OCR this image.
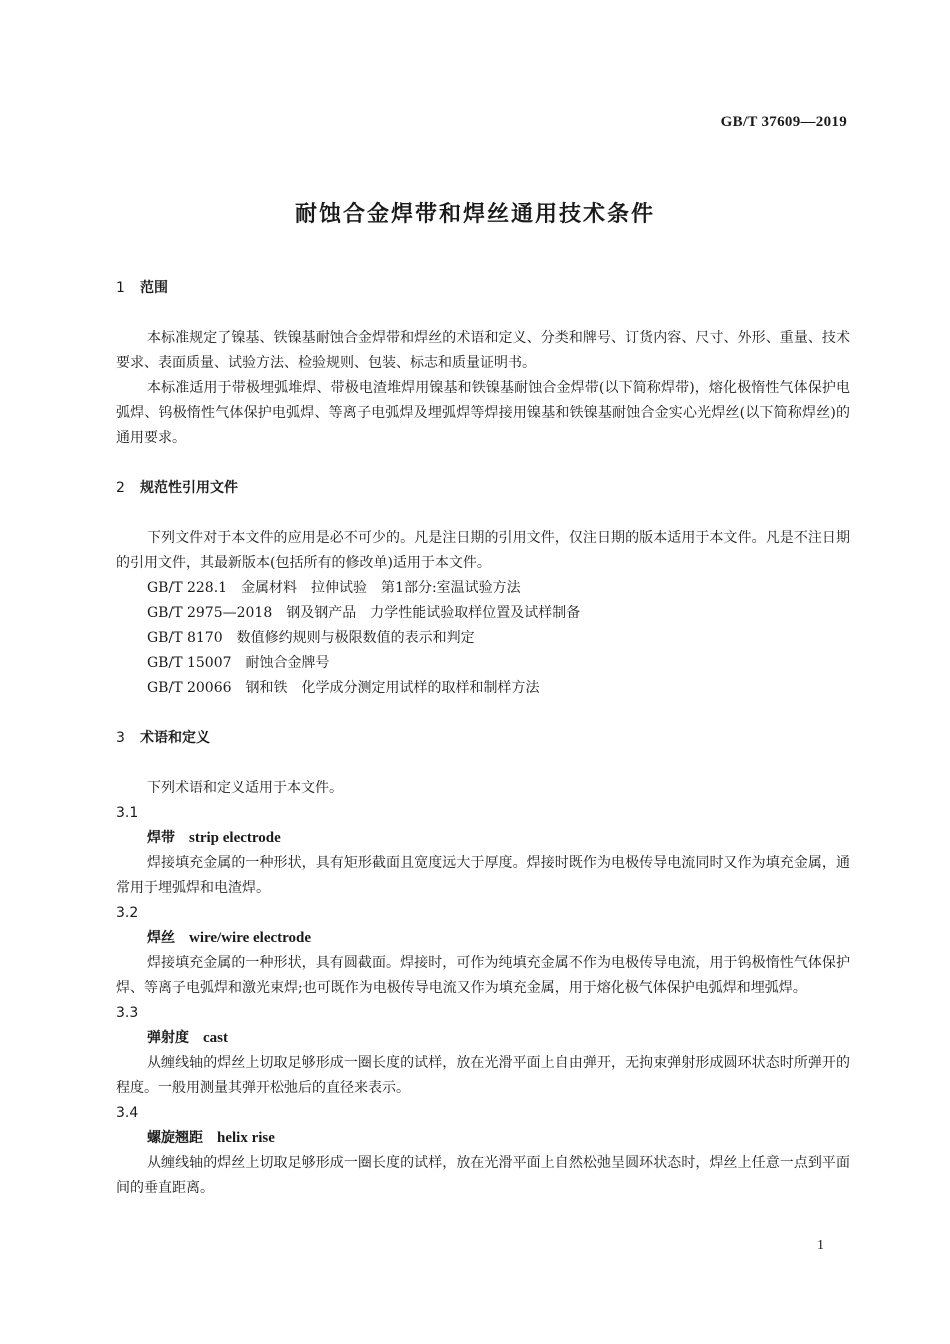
GB/T 37609—2019
耐蚀合金焊带和焊丝通用技术条件
1 范围

本标准规定了镍基、铁镍基耐蚀合金焊带和焊丝的术语和定义、分类和牌号、订货内容、尺寸、外形、重量、技术要求、表面质量、试验方法、检验规则、包装、标志和质量证明书。

本标准适用于带极埋弧堆焊、带极电渣堆焊用镍基和铁镍基耐蚀合金焊带(以下简称焊带)，熔化极惰性气体保护电弧焊、钨极惰性气体保护电弧焊、等离子电弧焊及埋弧焊等焊接用镍基和铁镍基耐蚀合金实心光焊丝(以下简称焊丝)的通用要求。

2 规范性引用文件

下列文件对于本文件的应用是必不可少的。凡是注日期的引用文件，仅注日期的版本适用于本文件。凡是不注日期的引用文件，其最新版本(包括所有的修改单)适用于本文件。

GB/T 228.1 金属材料　拉伸试验　第1部分:室温试验方法

GB/T 2975—2018 钢及钢产品　力学性能试验取样位置及试样制备

GB/T 8170 数值修约规则与极限数值的表示和判定

GB/T 15007 耐蚀合金牌号

GB/T 20066 钢和铁　化学成分测定用试样的取样和制样方法

3 术语和定义

下列术语和定义适用于本文件。

3.1
焊带 strip electrode

焊接填充金属的一种形状，具有矩形截面且宽度远大于厚度。焊接时既作为电极传导电流同时又作为填充金属，通常用于埋弧焊和电渣焊。

3.2
焊丝 wire/wire electrode

焊接填充金属的一种形状，具有圆截面。焊接时，可作为纯填充金属不作为电极传导电流，用于钨极惰性气体保护焊、等离子电弧焊和激光束焊;也可既作为电极传导电流又作为填充金属，用于熔化极气体保护电弧焊和埋弧焊。

3.3
弹射度 cast

从缠线轴的焊丝上切取足够形成一圈长度的试样，放在光滑平面上自由弹开，无拘束弹射形成圆环状态时所弹开的程度。一般用测量其弹开松弛后的直径来表示。

3.4
螺旋翘距 helix rise

从缠线轴的焊丝上切取足够形成一圈长度的试样，放在光滑平面上自然松弛呈圆环状态时，焊丝上任意一点到平面间的垂直距离。

1
